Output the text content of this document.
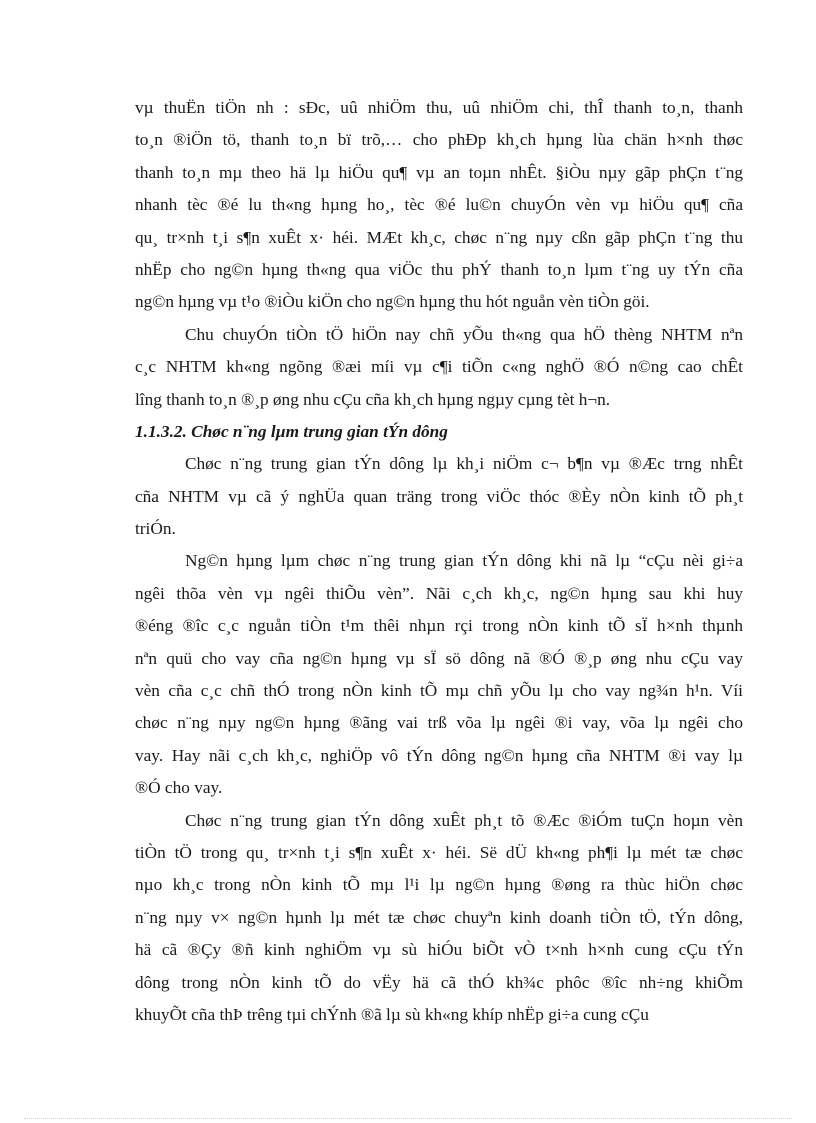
vµ thuËn tiÖn nh : sÐc, uû nhiÖm thu, uû nhiÖm chi, thÎ thanh to¸n, thanh
to¸n ®iÖn tö, thanh to¸n bï trõ,… cho phÐp kh¸ch hµng lùa chän h×nh thøc
thanh to¸n mµ theo hä lµ hiÖu qu¶ vµ an toµn nhÊt. §iÒu nµy gãp phÇn t¨ng
nhanh tèc ®é lu th«ng hµng ho¸, tèc ®é lu©n chuyÓn vèn vµ hiÖu qu¶ cña
qu¸ tr×nh t¸i s¶n xuÊt x· héi. MÆt kh¸c, chøc n¨ng nµy cßn gãp phÇn t¨ng thu
nhËp cho ng©n hµng th«ng qua viÖc thu phÝ thanh to¸n lµm t¨ng uy tÝn cña
ng©n hµng vµ t¹o ®iÒu kiÖn cho ng©n hµng thu hót nguån vèn tiÒn göi.
Chu chuyÓn tiÒn tÖ hiÖn nay chñ yÕu th«ng qua hÖ thèng NHTM nªn
c¸c NHTM kh«ng ngõng ®æi míi vµ c¶i tiÕn c«ng nghÖ ®Ó n©ng cao chÊt
lîng thanh to¸n ®¸p øng nhu cÇu cña kh¸ch hµng ngµy cµng tèt h¬n.
1.1.3.2. Chøc n¨ng lµm trung gian tÝn dông
Chøc n¨ng trung gian tÝn dông lµ kh¸i niÖm c¬ b¶n vµ ®Æc trng nhÊt
cña NHTM vµ cã ý nghÜa quan träng trong viÖc thóc ®Èy nÒn kinh tÕ ph¸t
triÓn.
Ng©n hµng lµm chøc n¨ng trung gian tÝn dông khi nã lµ “cÇu nèi gi÷a
ngêi thõa vèn vµ ngêi thiÕu vèn”. Nãi c¸ch kh¸c, ng©n hµng sau khi huy
®éng ®îc c¸c nguån tiÒn t¹m thêi nhµn rçi trong nÒn kinh tÕ sÏ h×nh thµnh
nªn quü cho vay cña ng©n hµng vµ sÏ sö dông nã ®Ó ®¸p øng nhu cÇu vay
vèn cña c¸c chñ thÓ trong nÒn kinh tÕ mµ chñ yÕu lµ cho vay ng¾n h¹n. Víi
chøc n¨ng nµy ng©n hµng ®ãng vai trß võa lµ ngêi ®i vay, võa lµ ngêi cho
vay. Hay nãi c¸ch kh¸c, nghiÖp vô tÝn dông ng©n hµng cña NHTM ®i vay lµ
®Ó cho vay.
Chøc n¨ng trung gian tÝn dông xuÊt ph¸t tõ ®Æc ®iÓm tuÇn hoµn vèn
tiÒn tÖ trong qu¸ tr×nh t¸i s¶n xuÊt x· héi. Së dÜ kh«ng ph¶i lµ mét tæ chøc
nµo kh¸c trong nÒn kinh tÕ mµ l¹i lµ ng©n hµng ®øng ra thùc hiÖn chøc
n¨ng nµy v× ng©n hµnh lµ mét tæ chøc chuyªn kinh doanh tiÒn tÖ, tÝn dông,
hä cã ®Çy ®ñ kinh nghiÖm vµ sù hiÓu biÕt vÒ t×nh h×nh cung cÇu tÝn
dông trong nÒn kinh tÕ do vËy hä cã thÓ kh¾c phôc ®îc nh÷ng khiÕm
khuyÕt cña thÞ trêng tµi chÝnh ®ã lµ sù kh«ng khíp nhËp gi÷a cung cÇu
